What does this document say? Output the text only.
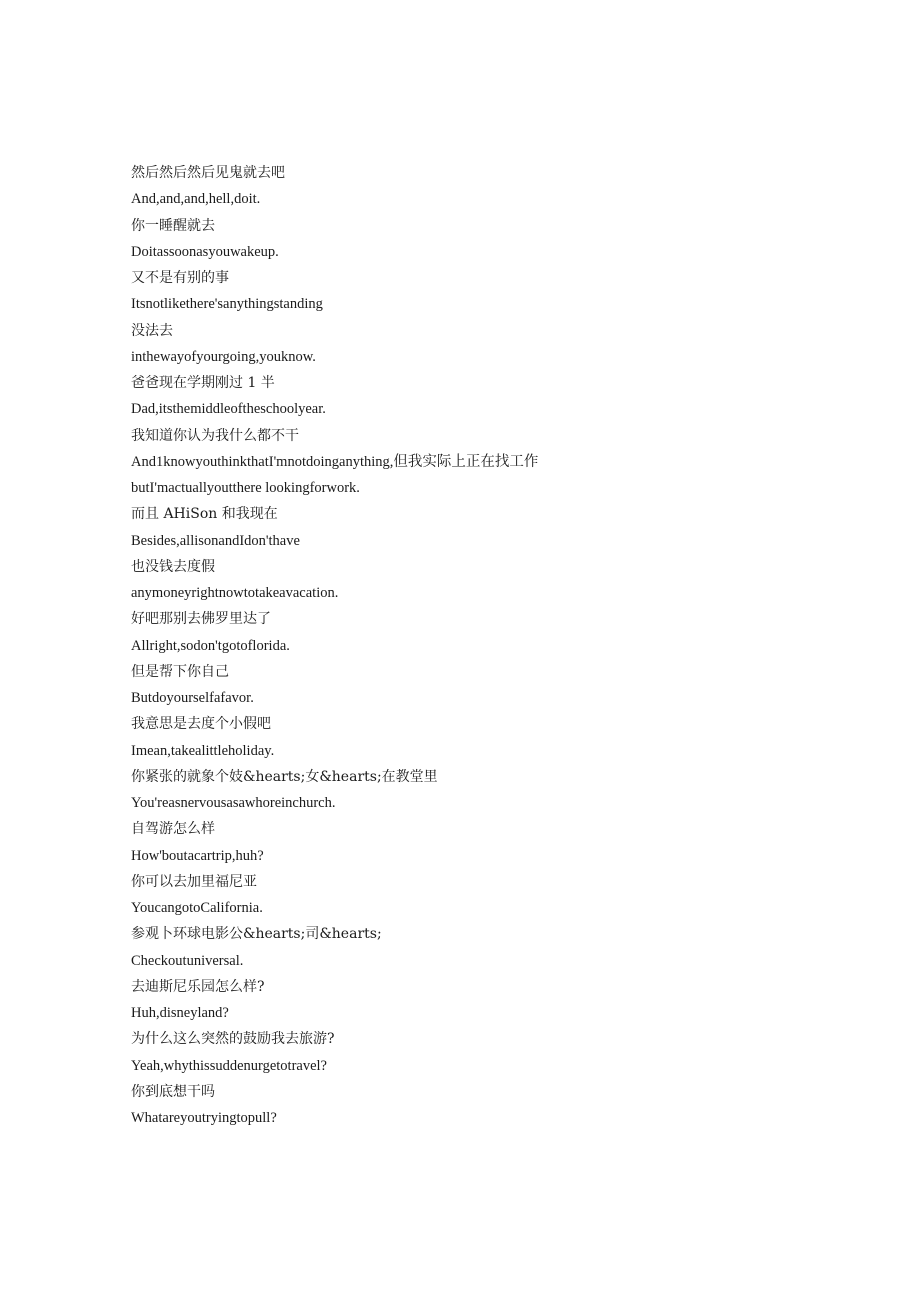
然后然后然后见鬼就去吧
And,and,and,hell,doit.
你一睡醒就去
Doitassoonasyouwakeup.
又不是有别的事
Itsnotlikethere'sanythingstanding
没法去
inthewayofyourgoing,youknow.
爸爸现在学期刚过 1 半
Dad,itsthemiddleoftheschoolyear.
我知道你认为我什么都不干
And1knowyouthinkthatI'mnotdoinganything,但我实际上正在找工作
butI'mactuallyoutthere lookingforwork.
而且 AHiSon 和我现在
Besides,allisonandIdon'thave
也没钱去度假
anymoneyrightnowtotakeavacation.
好吧那别去佛罗里达了
Allright,sodon'tgotoflorida.
但是帮下你自己
Butdoyourselfafavor.
我意思是去度个小假吧
Imean,takealittleholiday.
你紧张的就象个妓&hearts;女&hearts;在教堂里
You'reasnervousasawhoreinchurch.
自驾游怎么样
How'boutacartrip,huh?
你可以去加里福尼亚
YoucangotoCalifornia.
参观卜环球电影公&hearts;司&hearts;
Checkoutuniversal.
去迪斯尼乐园怎么样?
Huh,disneyland?
为什么这么突然的鼓励我去旅游?
Yeah,whythissuddenurgetotravel?
你到底想干吗
Whatareyoutryingtopull?
